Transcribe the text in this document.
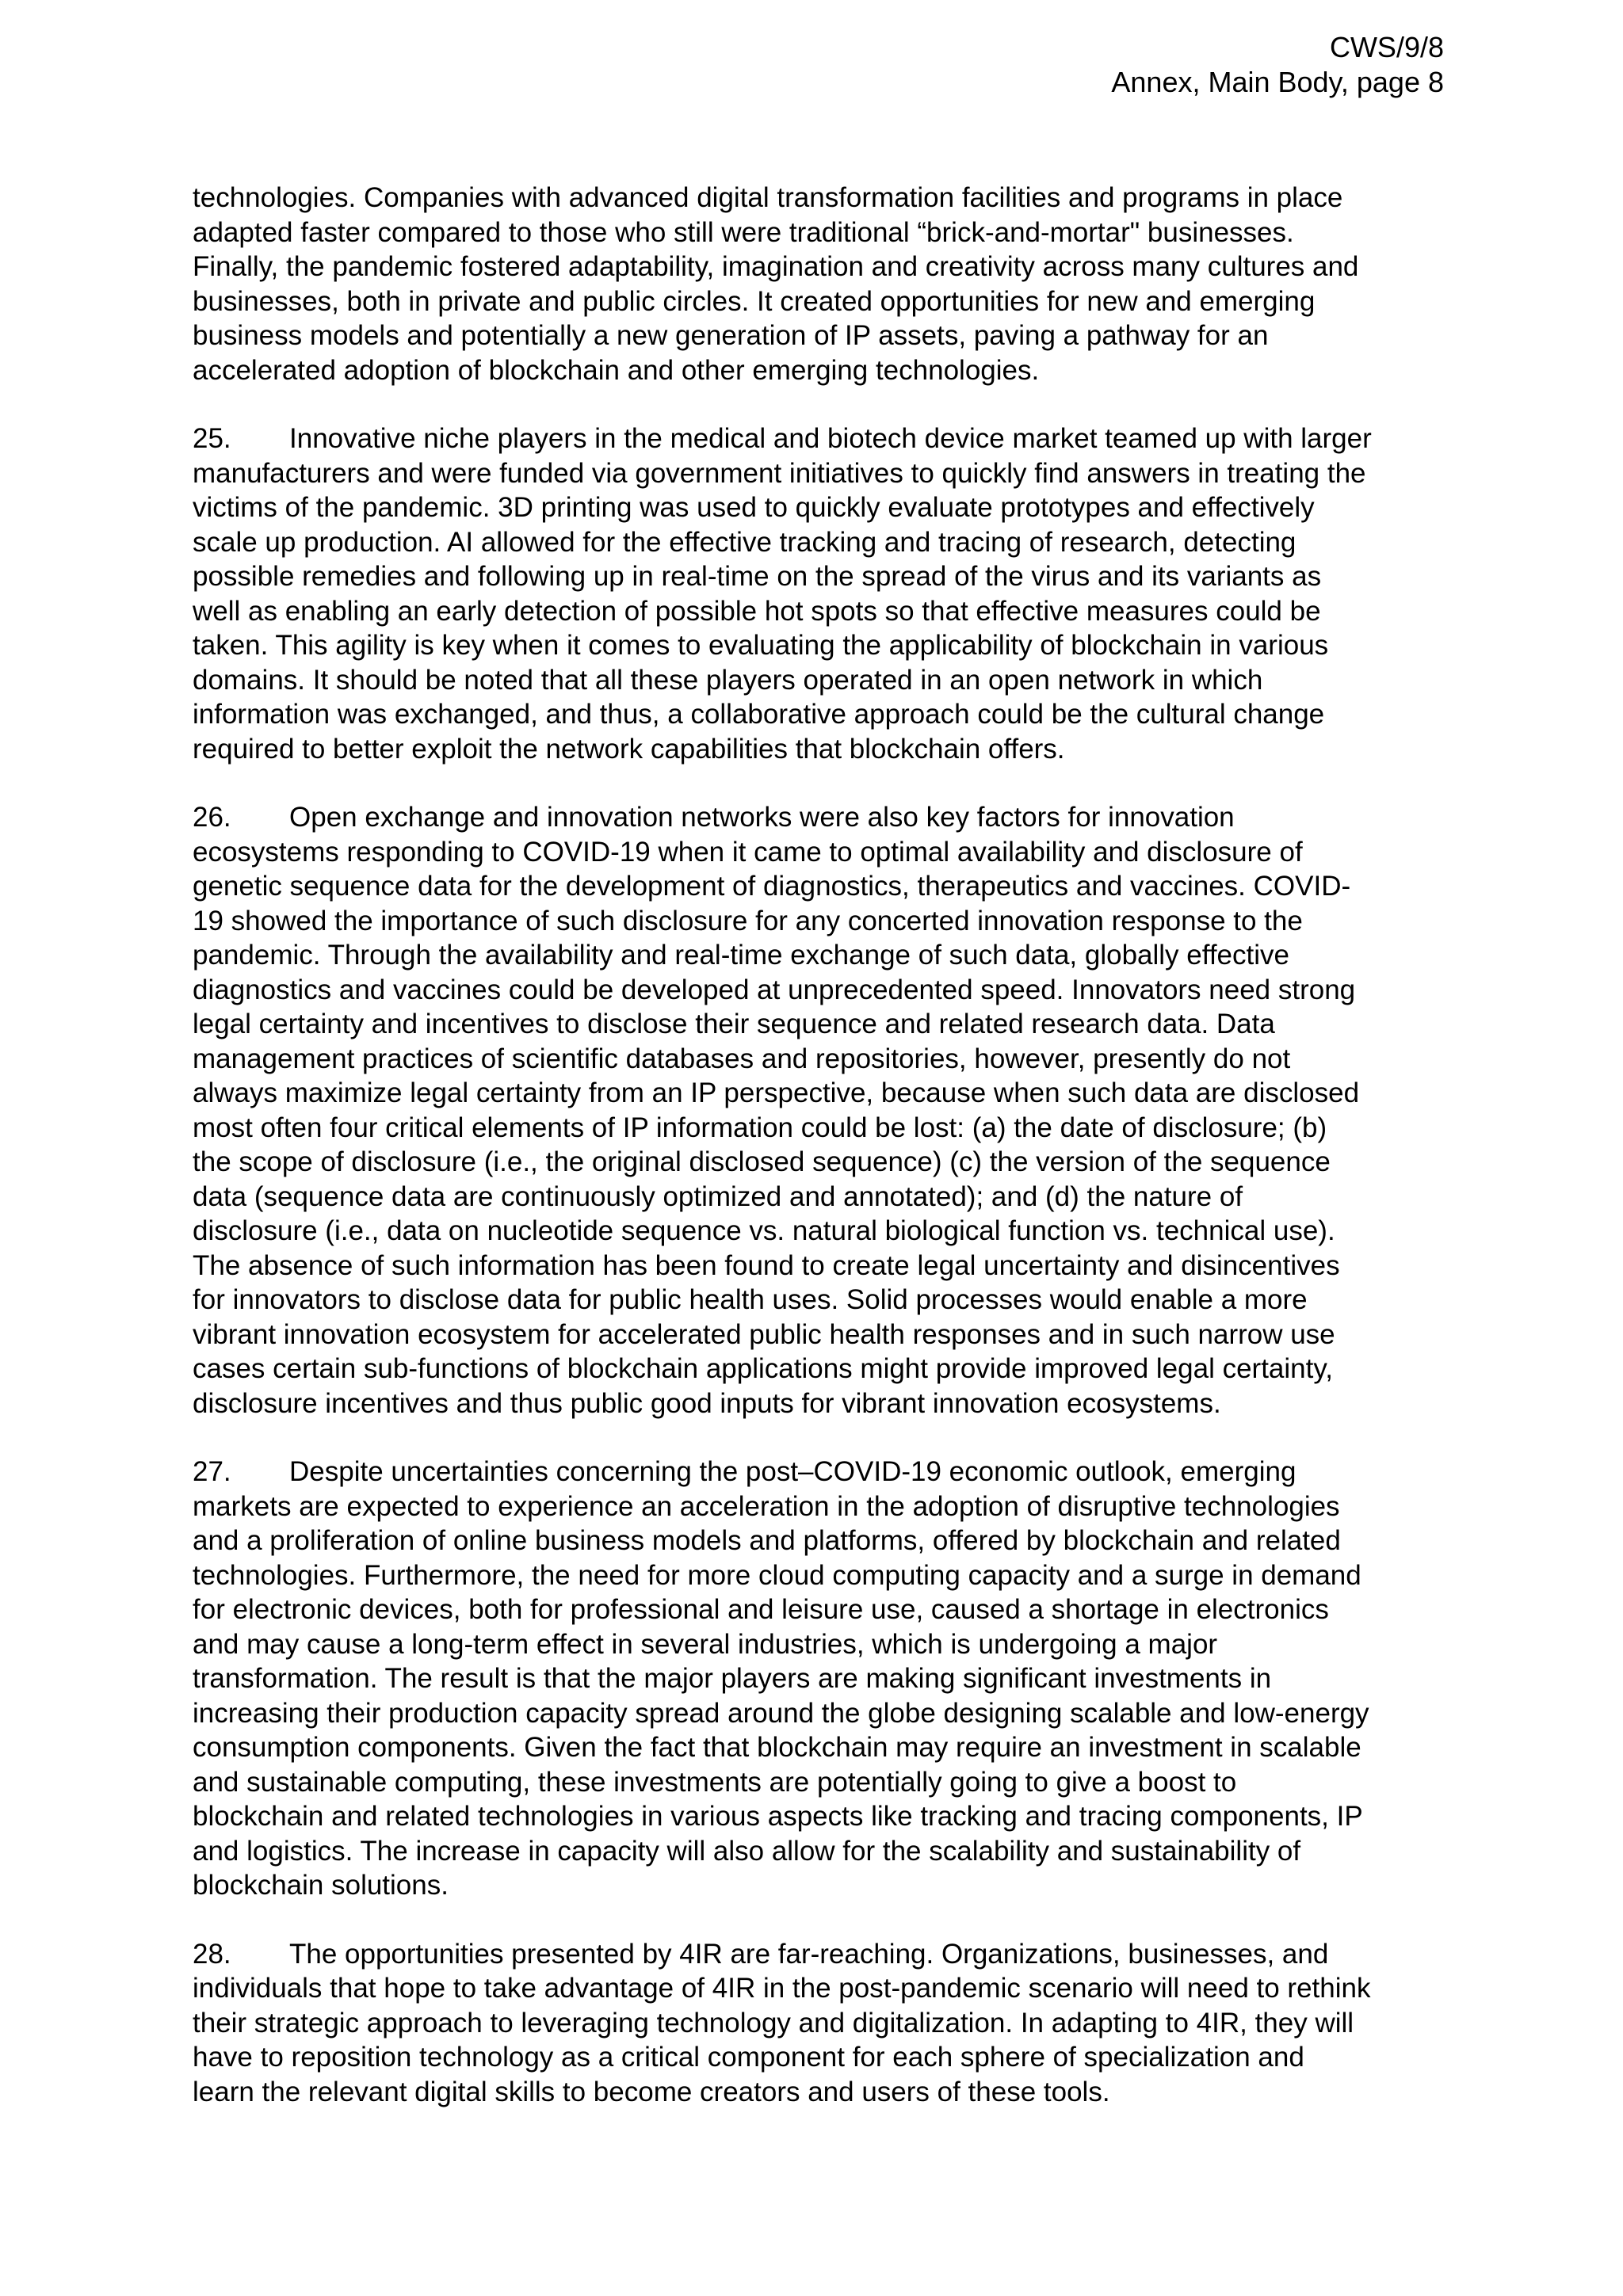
CWS/9/8
Annex, Main Body, page 8

technologies. Companies with advanced digital transformation facilities and programs in place
adapted faster compared to those who still were traditional “brick-and-mortar" businesses.
Finally, the pandemic fostered adaptability, imagination and creativity across many cultures and
businesses, both in private and public circles. It created opportunities for new and emerging
business models and potentially a new generation of IP assets, paving a pathway for an
accelerated adoption of blockchain and other emerging technologies.

25. Innovative niche players in the medical and biotech device market teamed up with larger
manufacturers and were funded via government initiatives to quickly find answers in treating the
victims of the pandemic. 3D printing was used to quickly evaluate prototypes and effectively
scale up production. AI allowed for the effective tracking and tracing of research, detecting
possible remedies and following up in real-time on the spread of the virus and its variants as
well as enabling an early detection of possible hot spots so that effective measures could be
taken. This agility is key when it comes to evaluating the applicability of blockchain in various
domains. It should be noted that all these players operated in an open network in which
information was exchanged, and thus, a collaborative approach could be the cultural change
required to better exploit the network capabilities that blockchain offers.

26. Open exchange and innovation networks were also key factors for innovation
ecosystems responding to COVID-19 when it came to optimal availability and disclosure of
genetic sequence data for the development of diagnostics, therapeutics and vaccines. COVID-
19 showed the importance of such disclosure for any concerted innovation response to the
pandemic. Through the availability and real-time exchange of such data, globally effective
diagnostics and vaccines could be developed at unprecedented speed. Innovators need strong
legal certainty and incentives to disclose their sequence and related research data. Data
management practices of scientific databases and repositories, however, presently do not
always maximize legal certainty from an IP perspective, because when such data are disclosed
most often four critical elements of IP information could be lost: (a) the date of disclosure; (b)
the scope of disclosure (i.e., the original disclosed sequence) (c) the version of the sequence
data (sequence data are continuously optimized and annotated); and (d) the nature of
disclosure (i.e., data on nucleotide sequence vs. natural biological function vs. technical use).
The absence of such information has been found to create legal uncertainty and disincentives
for innovators to disclose data for public health uses. Solid processes would enable a more
vibrant innovation ecosystem for accelerated public health responses and in such narrow use
cases certain sub-functions of blockchain applications might provide improved legal certainty,
disclosure incentives and thus public good inputs for vibrant innovation ecosystems.

27. Despite uncertainties concerning the post–COVID-19 economic outlook, emerging
markets are expected to experience an acceleration in the adoption of disruptive technologies
and a proliferation of online business models and platforms, offered by blockchain and related
technologies. Furthermore, the need for more cloud computing capacity and a surge in demand
for electronic devices, both for professional and leisure use, caused a shortage in electronics
and may cause a long-term effect in several industries, which is undergoing a major
transformation. The result is that the major players are making significant investments in
increasing their production capacity spread around the globe designing scalable and low-energy
consumption components. Given the fact that blockchain may require an investment in scalable
and sustainable computing, these investments are potentially going to give a boost to
blockchain and related technologies in various aspects like tracking and tracing components, IP
and logistics. The increase in capacity will also allow for the scalability and sustainability of
blockchain solutions.

28. The opportunities presented by 4IR are far-reaching. Organizations, businesses, and
individuals that hope to take advantage of 4IR in the post-pandemic scenario will need to rethink
their strategic approach to leveraging technology and digitalization. In adapting to 4IR, they will
have to reposition technology as a critical component for each sphere of specialization and
learn the relevant digital skills to become creators and users of these tools.
